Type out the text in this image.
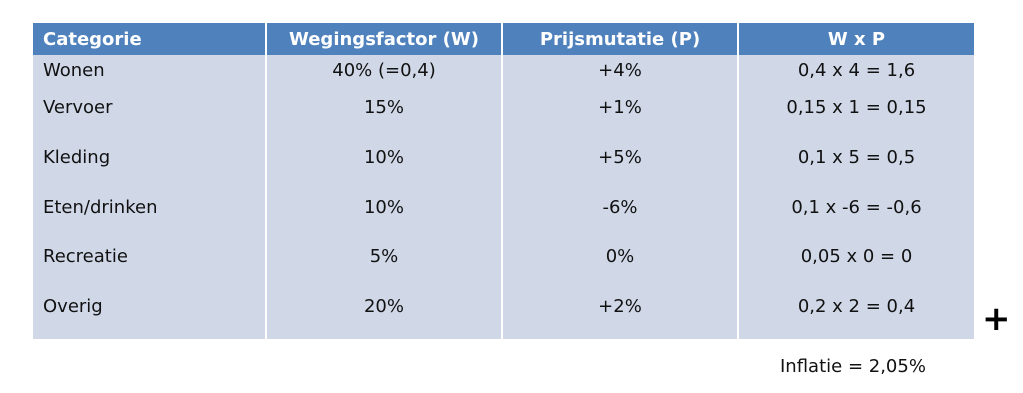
Categorie	Wegingsfactor (W)	Prijsmutatie (P)	W x P
Wonen	40% (=0,4)	+4%	0,4 x 4 = 1,6
Vervoer	15%	+1%	0,15 x 1 = 0,15
Kleding	10%	+5%	0,1 x 5 = 0,5
Eten/drinken	10%	-6%	0,1 x -6 = -0,6
Recreatie	5%	0%	0,05 x 0 = 0
Overig	20%	+2%	0,2 x 2 = 0,4 +
Inflatie = 2,05%
